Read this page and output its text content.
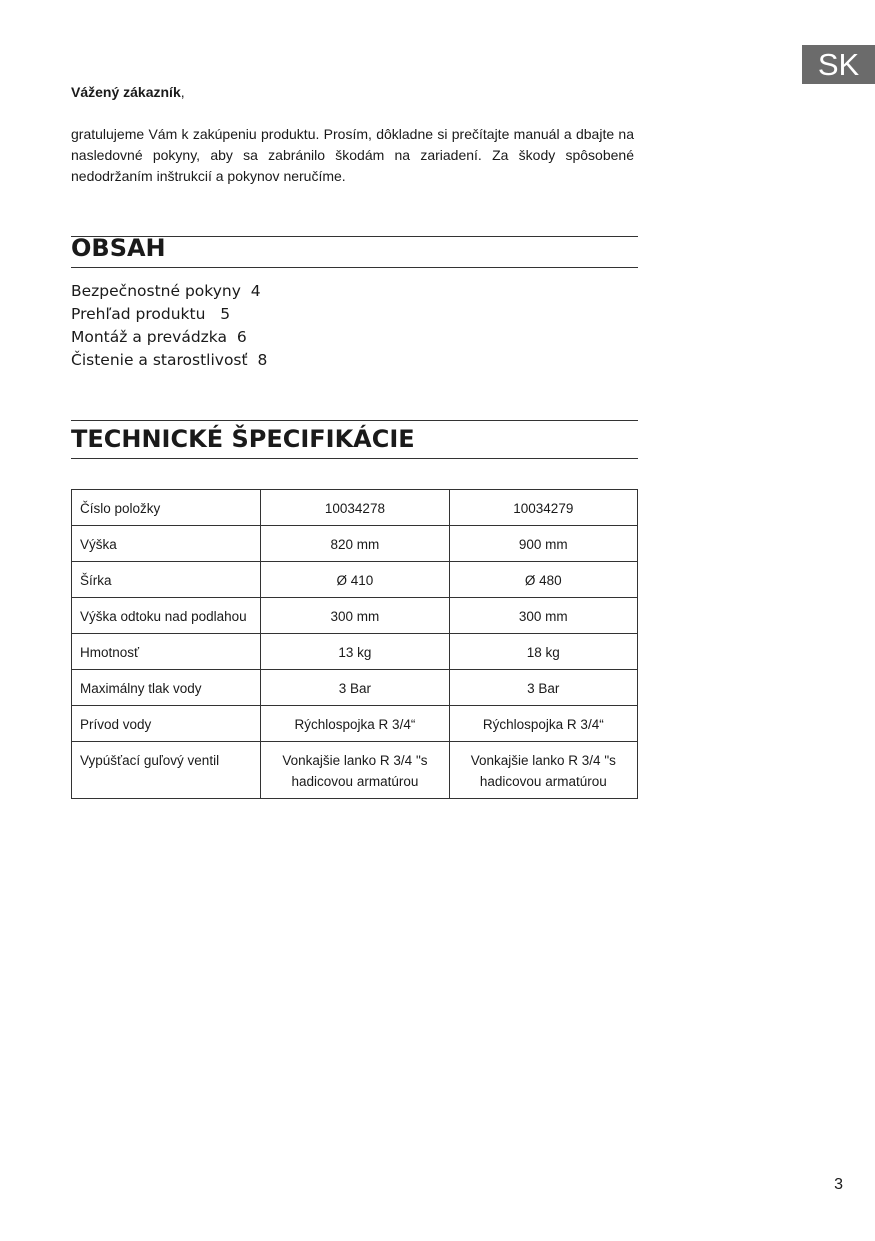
SK
Vážený zákazník,

gratulujeme Vám k zakúpeniu produktu. Prosím, dôkladne si prečítajte manuál a dbajte na nasledovné pokyny, aby sa zabránilo škodám na zariadení. Za škody spôsobené nedodržaním inštrukcií a pokynov neručíme.

OBSAH
Bezpečnostné pokyny 4
Prehľad produktu 5
Montáž a prevádzka 6
Čistenie a starostlivosť 8
TECHNICKÉ ŠPECIFIKÁCIE
Číslo položky	10034278	10034279
Výška	820 mm	900 mm
Šírka	Ø 410	Ø 480
Výška odtoku nad podlahou	300 mm	300 mm
Hmotnosť	13 kg	18 kg
Maximálny tlak vody	3 Bar	3 Bar
Prívod vody	Rýchlospojka R 3/4“	Rýchlospojka R 3/4“
Vypúšťací guľový ventil	Vonkajšie lanko R 3/4 "s hadicovou armatúrou	Vonkajšie lanko R 3/4 "s hadicovou armatúrou
3
